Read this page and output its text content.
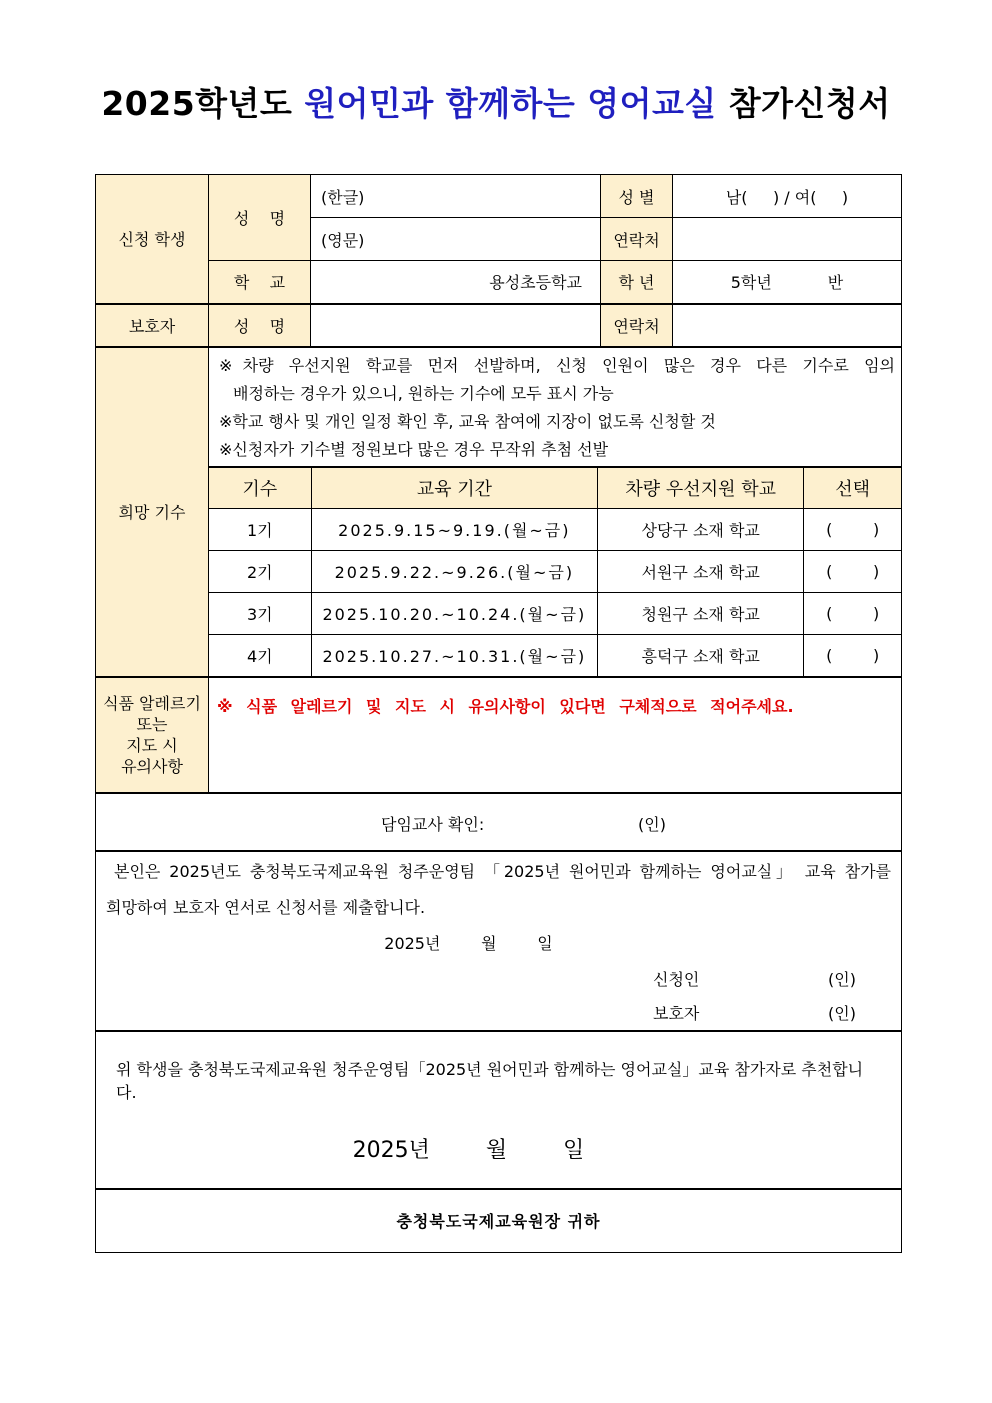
2025학년도 원어민과 함께하는 영어교실 참가신청서
신청 학생	성    명	(한글)	성 별	남(     ) / 여(     )
(영문)	연락처	
학    교	용성초등학교	학 년	5학년           반
보호자	성    명		연락처	
희망 기수	
※차량 우선지원 학교를 먼저 선발하며, 신청 인원이 많은 경우 다른 기수로 임의
배정하는 경우가 있으니, 원하는 기수에 모두 표시 가능
※학교 행사 및 개인 일정 확인 후, 교육 참여에 지장이 없도록 신청할 것
※신청자가 기수별 정원보다 많은 경우 무작위 추첨 선발

기수	교육 기간	차량 우선지원 학교	선택
1기	2025.9.15~9.19.(월~금)	상당구 소재 학교	(        )
2기	2025.9.22.~9.26.(월~금)	서원구 소재 학교	(        )
3기	2025.10.20.~10.24.(월~금)	청원구 소재 학교	(        )
4기	2025.10.27.~10.31.(월~금)	흥덕구 소재 학교	(        )

식품 알레르기
또는
지도 시
유의사항
	※ 식품 알레르기 및 지도 시 유의사항이 있다면 구체적으로 적어주세요.

담임교사 확인:	(인)

본인은 2025년도 충청북도국제교육원 청주운영팀 「2025년 원어민과 함께하는 영어교실」 교육 참가를
희망하여 보호자 연서로 신청서를 제출합니다.
2025년        월        일
신청인	(인)
보호자	(인)

위 학생을 충청북도국제교육원 청주운영팀「2025년 원어민과 함께하는 영어교실」교육 참가자로 추천합니다.
2025년        월        일

충청북도국제교육원장 귀하
